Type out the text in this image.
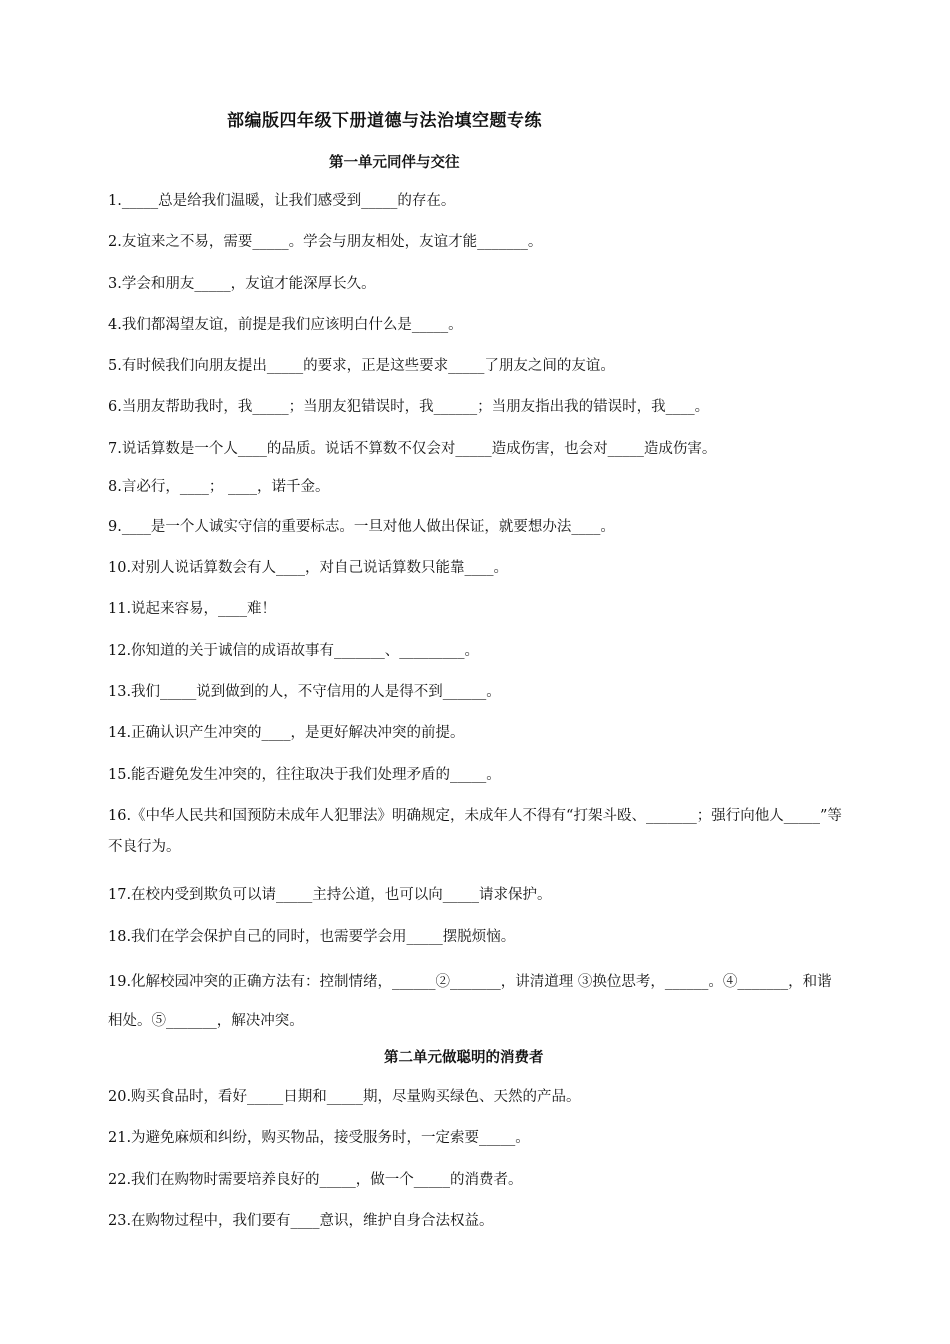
部编版四年级下册道德与法治填空题专练
第一单元同伴与交往
1._____总是给我们温暖，让我们感受到_____的存在。
2.友谊来之不易，需要_____。学会与朋友相处，友谊才能_______。
3.学会和朋友_____，友谊才能深厚长久。
4.我们都渴望友谊，前提是我们应该明白什么是_____。
5.有时候我们向朋友提出_____的要求，正是这些要求_____了朋友之间的友谊。
6.当朋友帮助我时，我_____；当朋友犯错误时，我______；当朋友指出我的错误时，我____。
7.说话算数是一个人____的品质。说话不算数不仅会对_____造成伤害，也会对_____造成伤害。
8.言必行，____； ____，诺千金。
9.____是一个人诚实守信的重要标志。一旦对他人做出保证，就要想办法____。
10.对别人说话算数会有人____，对自己说话算数只能靠____。
11.说起来容易，____难！
12.你知道的关于诚信的成语故事有_______、_________。
13.我们_____说到做到的人，不守信用的人是得不到______。
14.正确认识产生冲突的____，是更好解决冲突的前提。
15.能否避免发生冲突的，往往取决于我们处理矛盾的_____。
16.《中华人民共和国预防未成年人犯罪法》明确规定，未成年人不得有“打架斗殴、_______；强行向他人_____”等不良行为。
17.在校内受到欺负可以请_____主持公道，也可以向_____请求保护。
18.我们在学会保护自己的同时，也需要学会用_____摆脱烦恼。
19.化解校园冲突的正确方法有：控制情绪，______②_______，讲清道理 ③换位思考，______。④_______，和谐相处。⑤_______，解决冲突。
第二单元做聪明的消费者
20.购买食品时，看好_____日期和_____期，尽量购买绿色、天然的产品。
21.为避免麻烦和纠纷，购买物品，接受服务时，一定索要_____。
22.我们在购物时需要培养良好的_____，做一个_____的消费者。
23.在购物过程中，我们要有____意识，维护自身合法权益。
